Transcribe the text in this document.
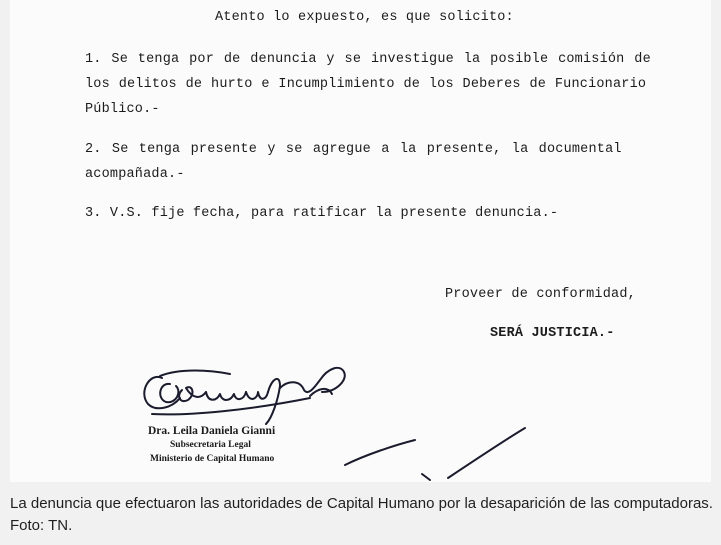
Atento lo expuesto, es que solicito:
1. Se tenga por de denuncia y se investigue la posible comisión de
los delitos de hurto e Incumplimiento de los Deberes de Funcionario
Público.-
2. Se tenga presente y se agregue a la presente, la documental
acompañada.-
3. V.S. fije fecha, para ratificar la presente denuncia.-
Proveer de conformidad,
SERÁ JUSTICIA.-
Dra. Leila Daniela Gianni
Subsecretaria Legal
Ministerio de Capital Humano
La denuncia que efectuaron las autoridades de Capital Humano por la desaparición de las computadoras.
Foto: TN.
